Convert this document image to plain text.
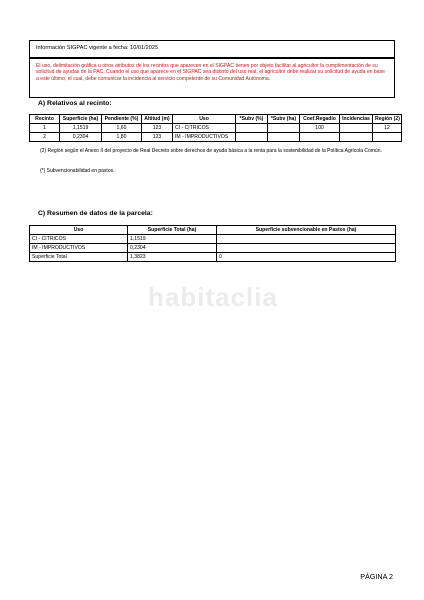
Información SIGPAC vigente a fecha: 10/01/2025
El uso, delimitación gráfica u otros atributos de los recintos que aparecen en el SIGPAC tienen por objeto facilitar al agricultor la cumplimentación de su solicitud de ayudas de la PAC. Cuando el uso que aparece en el SIGPAC sea distinto del uso real, el agricultor debe realizar su solicitud de ayuda en base a este último, el cual, debe comunicar la incidencia al servicio competente de su Comunidad Autónoma.
A) Relativos al recinto:
Recinto	Superficie (ha)	Pendiente (%)	Altitud (m)	Uso	*Subv (%)	*Subv (ha)	Coef.Regadío	Incidencias	Región (2)
1	1,1519	1,60	123	CI - CITRICOS			100		12
2	0,2304	1,80	123	IM - IMPRODUCTIVOS					
(2) Región según el Anexo II del proyecto de Real Decreto sobre derechos de ayuda básica a la renta para la sostenibilidad de la Política Agrícola Común.
(*) Subvencionabilidad en pastos.
C) Resumen de datos de la parcela:
Uso	Superficie Total (ha)	Superficie subvencionable en Pastos (ha)
CI - CITRICOS	1,1519	
IM - IMPRODUCTIVOS	0,2304	
Superficie Total	1,3823	0
habitaclia
PÁGINA 2
